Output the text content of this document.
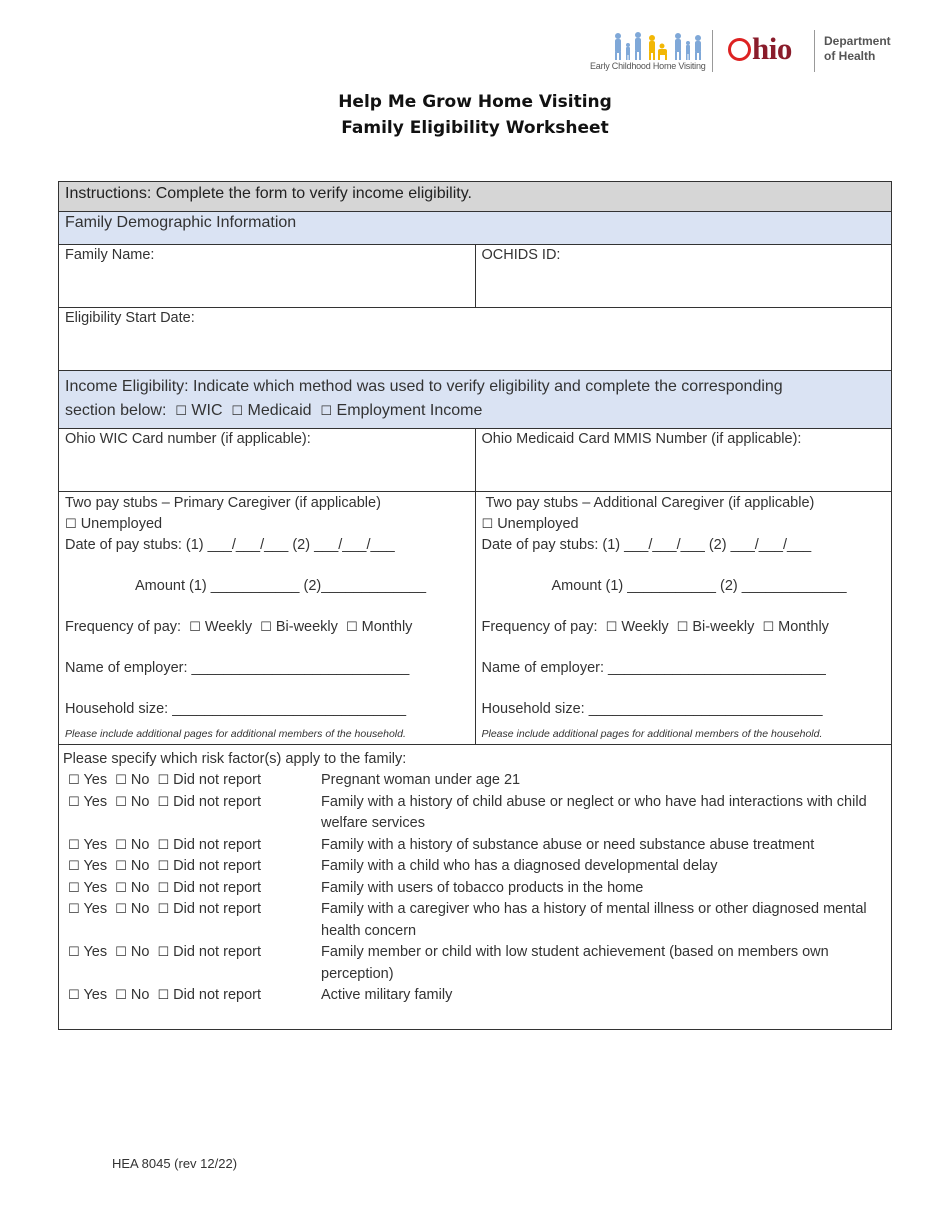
Early Childhood Home Visiting	hio	Department
of Health
Help Me Grow Home Visiting
Family Eligibility Worksheet
Instructions: Complete the form to verify income eligibility.	
Family Demographic Information	
Family Name:	OCHIDS ID:
Eligibility Start Date:	
Income Eligibility: Indicate which method was used to verify eligibility and complete the corresponding
section below: ☐ WIC ☐ Medicaid ☐ Employment Income	
Ohio WIC Card number (if applicable):	Ohio Medicaid Card MMIS Number (if applicable):

Two pay stubs – Primary Caregiver (if applicable)
☐ Unemployed
Date of pay stubs: (1) ___/___/___ (2) ___/___/___
Amount (1) ___________ (2)_____________
Frequency of pay: ☐ Weekly ☐ Bi-weekly ☐ Monthly
Name of employer: ___________________________
Household size: _____________________________
Please include additional pages for additional members of the household.

Two pay stubs – Additional Caregiver (if applicable)
☐ Unemployed
Date of pay stubs: (1) ___/___/___ (2) ___/___/___
Amount (1) ___________ (2) _____________
Frequency of pay: ☐ Weekly ☐ Bi-weekly ☐ Monthly
Name of employer: ___________________________
Household size: _____________________________
Please include additional pages for additional members of the household.

Please specify which risk factor(s) apply to the family:
☐ Yes ☐ No ☐ Did not report	Pregnant woman under age 21
☐ Yes ☐ No ☐ Did not report	Family with a history of child abuse or neglect or who have had interactions with child welfare services
☐ Yes ☐ No ☐ Did not report	Family with a history of substance abuse or need substance abuse treatment
☐ Yes ☐ No ☐ Did not report	Family with a child who has a diagnosed developmental delay
☐ Yes ☐ No ☐ Did not report	Family with users of tobacco products in the home
☐ Yes ☐ No ☐ Did not report	Family with a caregiver who has a history of mental illness or other diagnosed mental health concern
☐ Yes ☐ No ☐ Did not report	Family member or child with low student achievement (based on members own perception)
☐ Yes ☐ No ☐ Did not report	Active military family
HEA 8045 (rev 12/22)
